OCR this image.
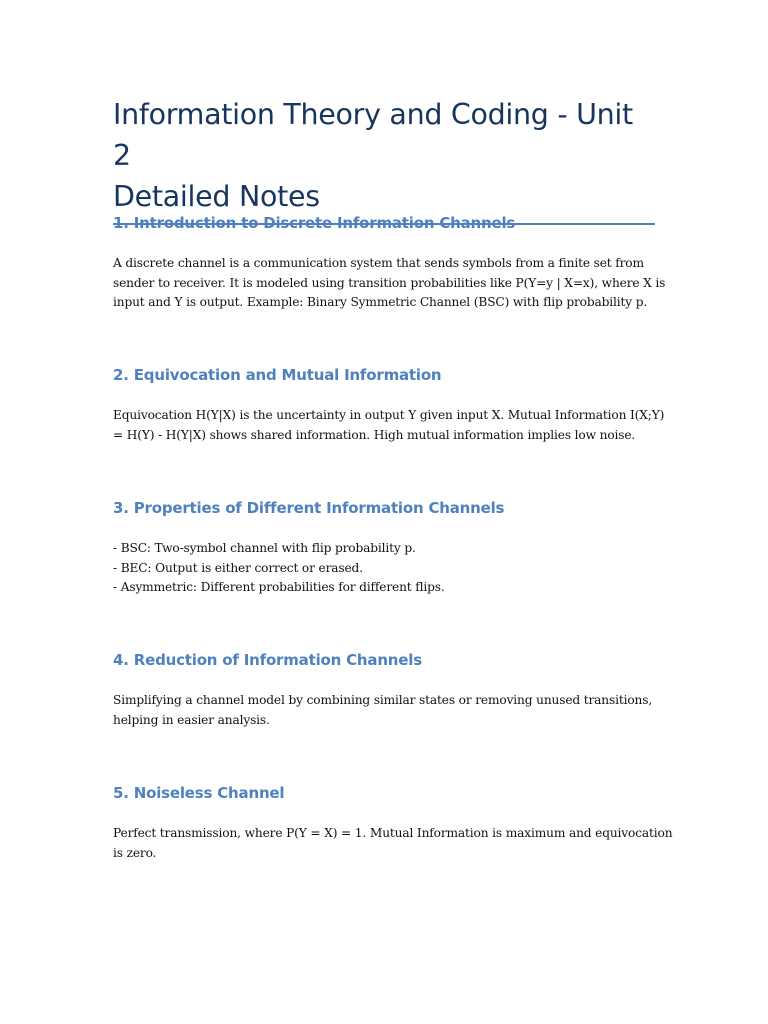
Information Theory and Coding - Unit 2
Detailed Notes
1. Introduction to Discrete Information Channels

A discrete channel is a communication system that sends symbols from a finite set from
sender to receiver. It is modeled using transition probabilities like P(Y=y | X=x), where X is
input and Y is output. Example: Binary Symmetric Channel (BSC) with flip probability p.

2. Equivocation and Mutual Information

Equivocation H(Y|X) is the uncertainty in output Y given input X. Mutual Information I(X;Y)
= H(Y) - H(Y|X) shows shared information. High mutual information implies low noise.

3. Properties of Different Information Channels

- BSC: Two-symbol channel with flip probability p.
- BEC: Output is either correct or erased.
- Asymmetric: Different probabilities for different flips.

4. Reduction of Information Channels

Simplifying a channel model by combining similar states or removing unused transitions,
helping in easier analysis.

5. Noiseless Channel

Perfect transmission, where P(Y = X) = 1. Mutual Information is maximum and equivocation
is zero.
